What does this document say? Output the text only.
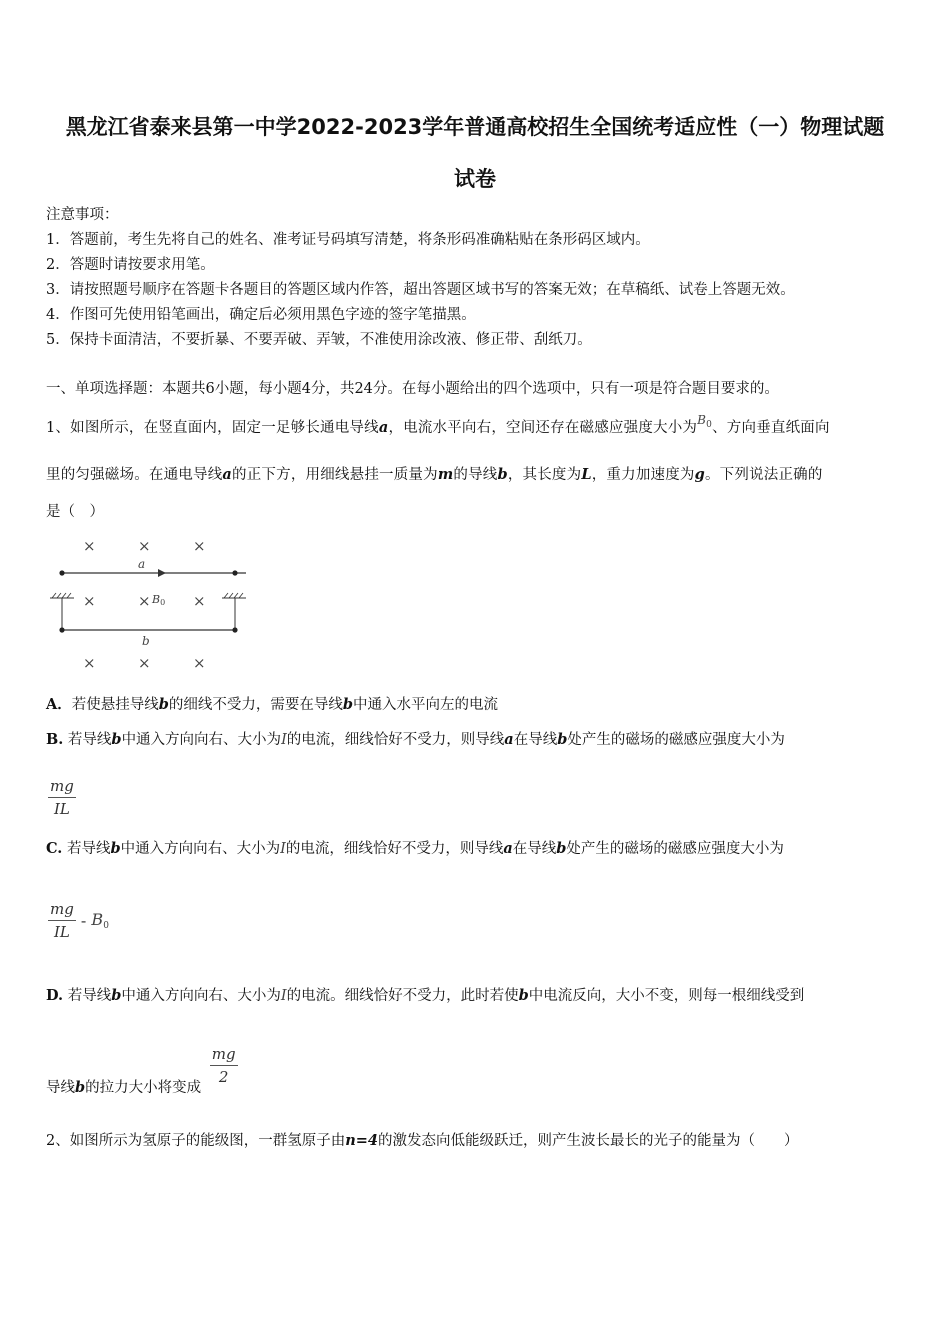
黑龙江省泰来县第一中学2022-2023学年普通高校招生全国统考适应性（一）物理试题
试卷
注意事项：
1．答题前，考生先将自己的姓名、准考证号码填写清楚，将条形码准确粘贴在条形码区域内。
2．答题时请按要求用笔。
3．请按照题号顺序在答题卡各题目的答题区域内作答，超出答题区域书写的答案无效；在草稿纸、试卷上答题无效。
4．作图可先使用铅笔画出，确定后必须用黑色字迹的签字笔描黑。
5．保持卡面清洁，不要折暴、不要弄破、弄皱，不准使用涂改液、修正带、刮纸刀。
一、单项选择题：本题共6小题，每小题4分，共24分。在每小题给出的四个选项中，只有一项是符合题目要求的。
1、如图所示，在竖直面内，固定一足够长通电导线a，电流水平向右，空间还存在磁感应强度大小为$^{B_0}$、方向垂直纸面向
里的匀强磁场。在通电导线a的正下方，用细线悬挂一质量为m的导线b，其长度为L，重力加速度为g。下列说法正确的
是（　）
×	×	×
×	×	×
×	×	×
a
b
B0
A．若使悬挂导线b的细线不受力，需要在导线b中通入水平向左的电流
B. 若导线b中通入方向向右、大小为I的电流，细线恰好不受力，则导线a在导线b处产生的磁场的磁感应强度大小为
$\frac{mg}{IL}$
C. 若导线b中通入方向向右、大小为I的电流，细线恰好不受力，则导线a在导线b处产生的磁场的磁感应强度大小为
$\frac{mg}{IL} - B_0$
D. 若导线b中通入方向向右、大小为I的电流。细线恰好不受力，此时若使b中电流反向，大小不变，则每一根细线受到
导线b的拉力大小将变成
$\frac{mg}{2}$
2、如图所示为氢原子的能级图，一群氢原子由n=4的激发态向低能级跃迁，则产生波长最长的光子的能量为（　　）
